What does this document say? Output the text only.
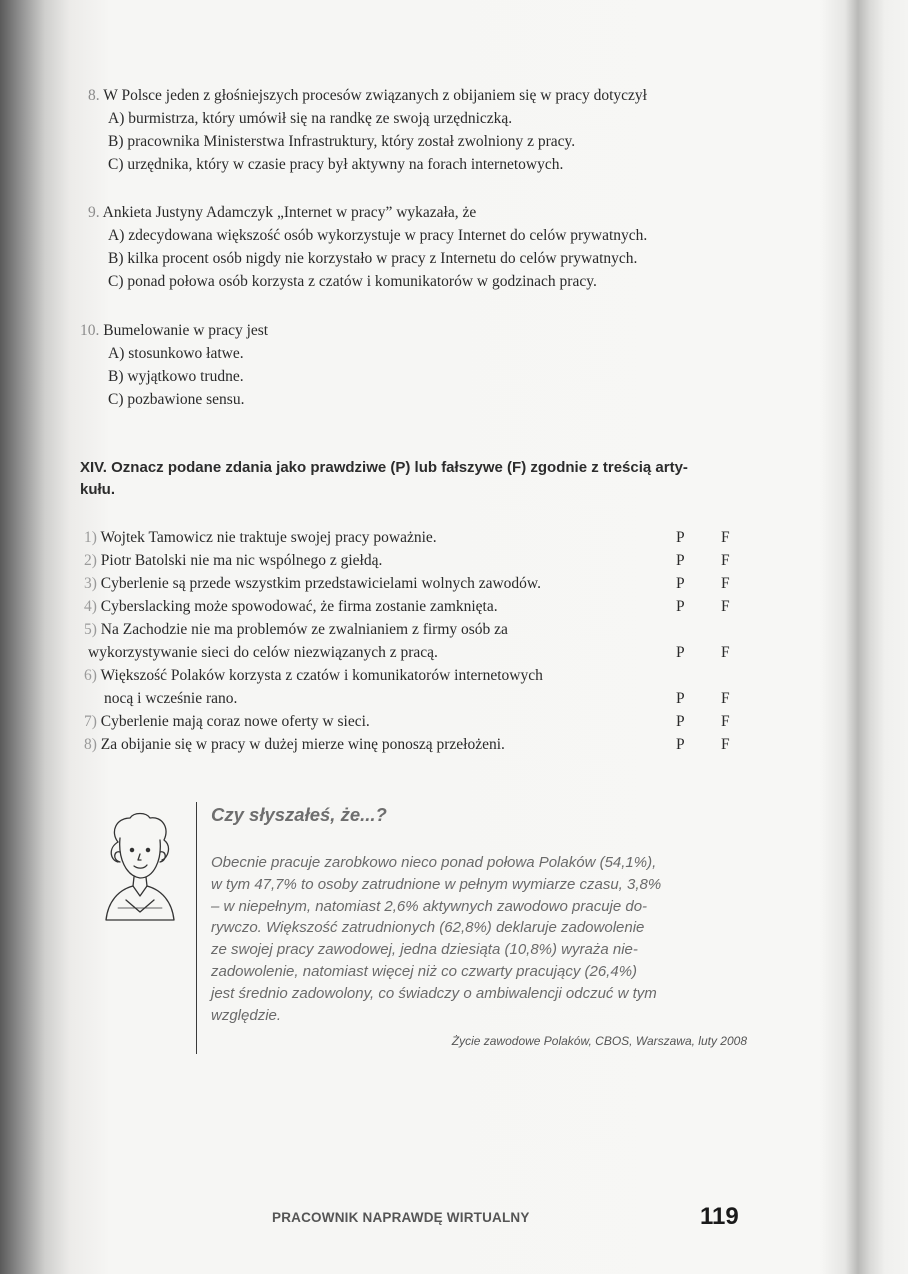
8. W Polsce jeden z głośniejszych procesów związanych z obijaniem się w pracy dotyczył
A) burmistrza, który umówił się na randkę ze swoją urzędniczką.
B) pracownika Ministerstwa Infrastruktury, który został zwolniony z pracy.
C) urzędnika, który w czasie pracy był aktywny na forach internetowych.
9. Ankieta Justyny Adamczyk „Internet w pracy” wykazała, że
A) zdecydowana większość osób wykorzystuje w pracy Internet do celów prywatnych.
B) kilka procent osób nigdy nie korzystało w pracy z Internetu do celów prywatnych.
C) ponad połowa osób korzysta z czatów i komunikatorów w godzinach pracy.
10. Bumelowanie w pracy jest
A) stosunkowo łatwe.
B) wyjątkowo trudne.
C) pozbawione sensu.
XIV. Oznacz podane zdania jako prawdziwe (P) lub fałszywe (F) zgodnie z treścią arty-
kułu.
1) Wojtek Tamowicz nie traktuje swojej pracy poważnie.	P F
2) Piotr Batolski nie ma nic wspólnego z giełdą.	P F
3) Cyberlenie są przede wszystkim przedstawicielami wolnych zawodów.	P F
4) Cyberslacking może spowodować, że firma zostanie zamknięta.	P F
5) Na Zachodzie nie ma problemów ze zwalnianiem z firmy osób za
wykorzystywanie sieci do celów niezwiązanych z pracą.	P F
6) Większość Polaków korzysta z czatów i komunikatorów internetowych
nocą i wcześnie rano.	P F
7) Cyberlenie mają coraz nowe oferty w sieci.	P F
8) Za obijanie się w pracy w dużej mierze winę ponoszą przełożeni.	P F
Czy słyszałeś, że...?
Obecnie pracuje zarobkowo nieco ponad połowa Polaków (54,1%),
w tym 47,7% to osoby zatrudnione w pełnym wymiarze czasu, 3,8%
– w niepełnym, natomiast 2,6% aktywnych zawodowo pracuje do-
rywczo. Większość zatrudnionych (62,8%) deklaruje zadowolenie
ze swojej pracy zawodowej, jedna dziesiąta (10,8%) wyraża nie-
zadowolenie, natomiast więcej niż co czwarty pracujący (26,4%)
jest średnio zadowolony, co świadczy o ambiwalencji odczuć w tym
względzie.
Życie zawodowe Polaków, CBOS, Warszawa, luty 2008
PRACOWNIK NAPRAWDĘ WIRTUALNY	119
